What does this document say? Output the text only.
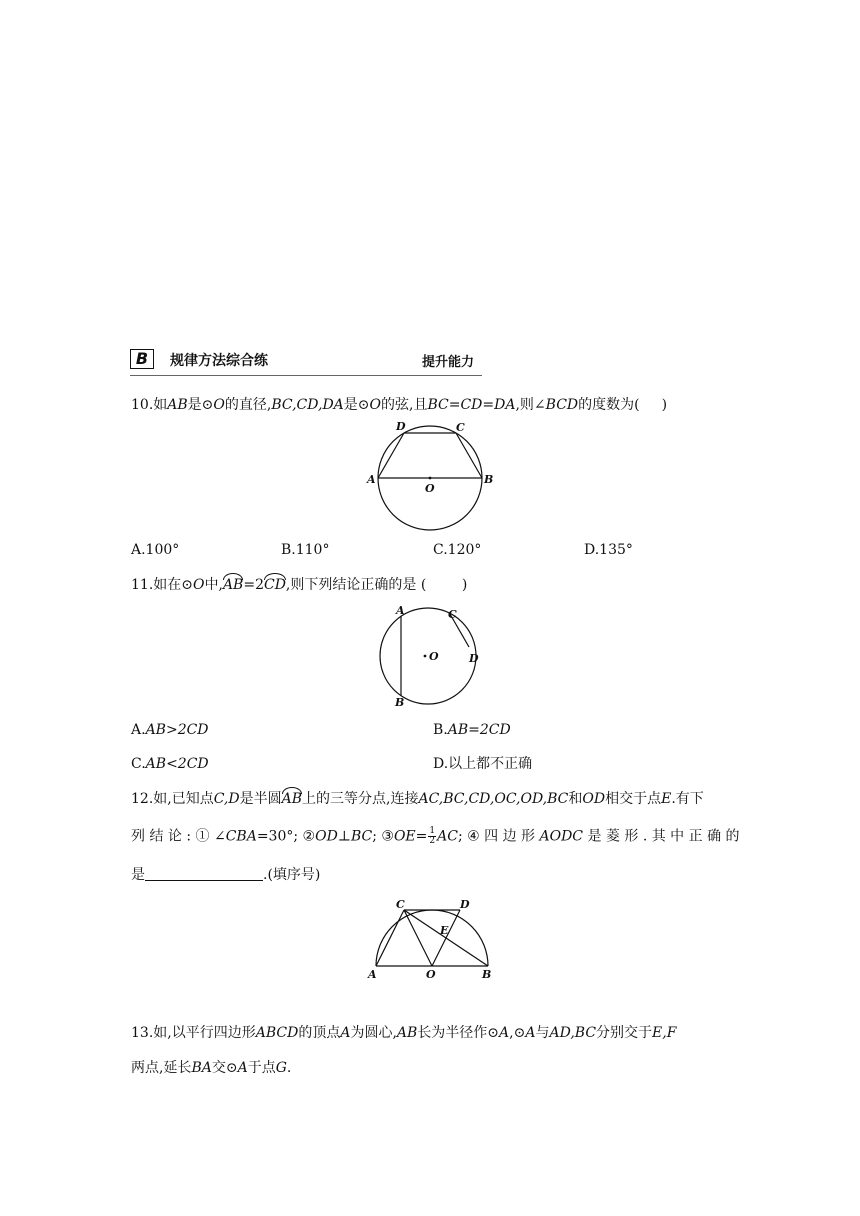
B	规律方法综合练	提升能力
10.如AB是⊙O的直径,BC,CD,DA是⊙O的弦,且BC=CD=DA,则∠BCD的度数为( )
D	C
A
O
B
A.100°	B.110°	C.120°	D.135°
11.如在⊙O中,AB=2CD,则下列结论正确的是 (        )
A	C
O	D
B
A.AB>2CD	B.AB=2CD
C.AB<2CD	D.以上都不正确
12.如,已知点C,D是半圆AB上的三等分点,连接AC,BC,CD,OC,OD,BC和OD相交于点E.有下
列 结 论 : ① ∠CBA=30°; ②OD⊥BC; ③OE= $\frac{1}{2}$ AC; ④ 四 边 形 AODC 是 菱 形 . 其 中 正 确 的
是	.(填序号)
C	D
E
A	O	B
13.如,以平行四边形ABCD的顶点A为圆心,AB长为半径作⊙A,⊙A与AD,BC分别交于E,F
两点,延长BA交⊙A于点G.
